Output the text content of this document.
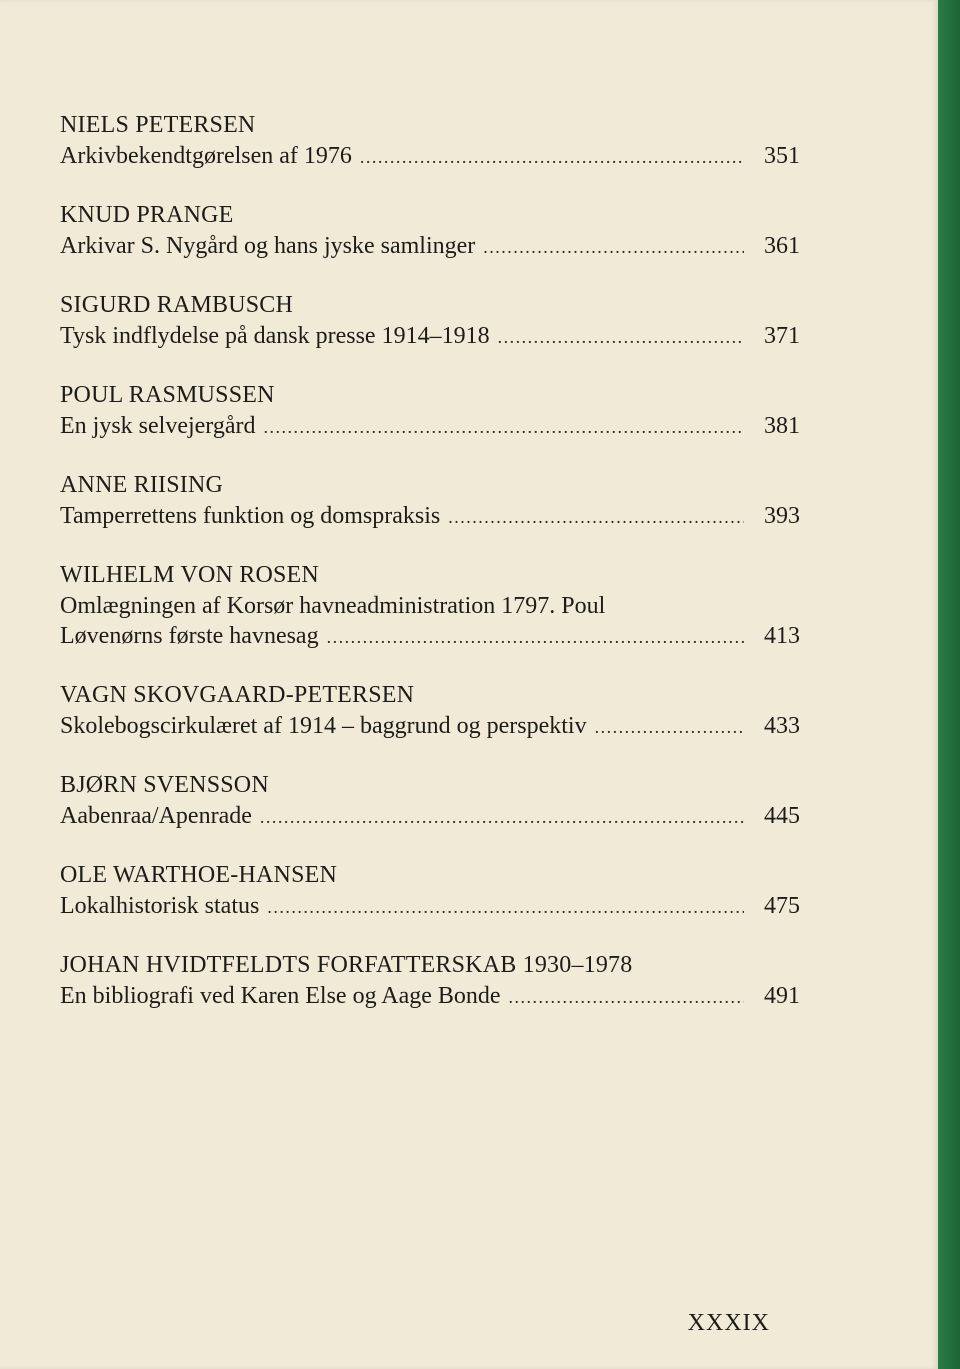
NIELS PETERSEN
Arkivbekendtgørelsen af 1976 .....	351
KNUD PRANGE
Arkivar S. Nygård og hans jyske samlinger .....	361
SIGURD RAMBUSCH
Tysk indflydelse på dansk presse 1914–1918 .....	371
POUL RASMUSSEN
En jysk selvejergård .....	381
ANNE RIISING
Tamperrettens funktion og domspraksis .....	393
WILHELM VON ROSEN
Omlægningen af Korsør havneadministration 1797. Poul
Løvenørns første havnesag .....	413
VAGN SKOVGAARD-PETERSEN
Skolebogscirkulæret af 1914 – baggrund og perspektiv .....	433
BJØRN SVENSSON
Aabenraa/Apenrade .....	445
OLE WARTHOE-HANSEN
Lokalhistorisk status .....	475
JOHAN HVIDTFELDTS FORFATTERSKAB 1930–1978
En bibliografi ved Karen Else og Aage Bonde .....	491
XXXIX
